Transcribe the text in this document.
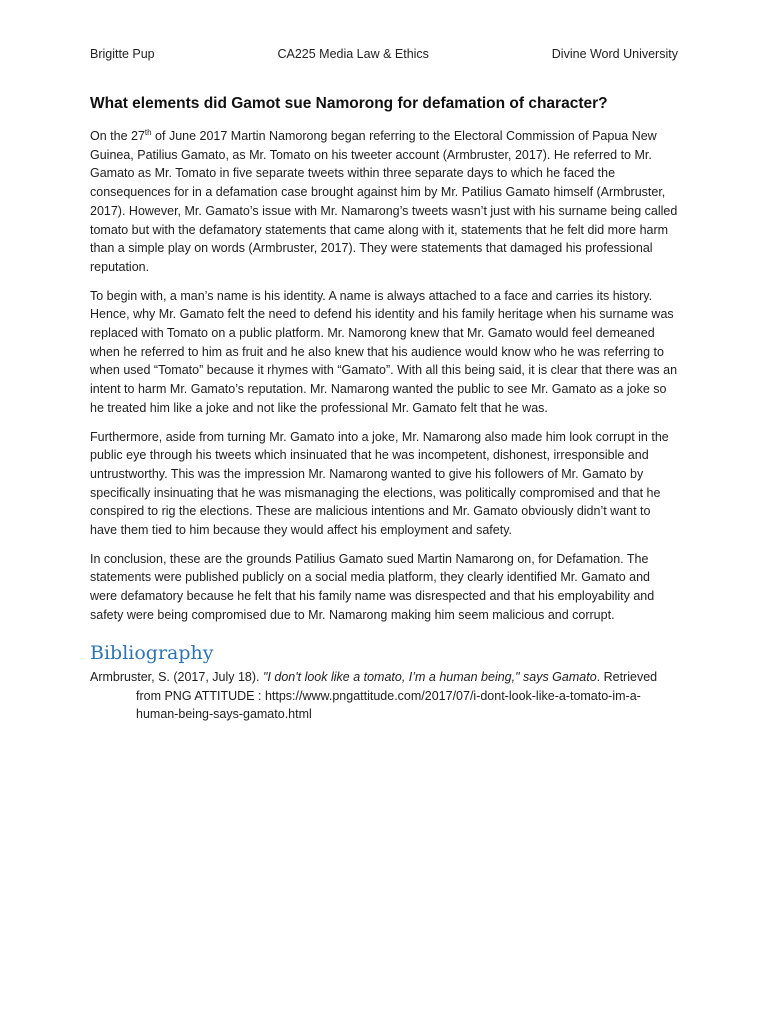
Brigitte Pup	CA225 Media Law & Ethics	Divine Word University
What elements did Gamot sue Namorong for defamation of character?

On the 27th of June 2017 Martin Namorong began referring to the Electoral Commission of Papua New Guinea, Patilius Gamato, as Mr. Tomato on his tweeter account (Armbruster, 2017). He referred to Mr. Gamato as Mr. Tomato in five separate tweets within three separate days to which he faced the consequences for in a defamation case brought against him by Mr. Patilius Gamato himself (Armbruster, 2017). However, Mr. Gamato’s issue with Mr. Namarong’s tweets wasn’t just with his surname being called tomato but with the defamatory statements that came along with it, statements that he felt did more harm than a simple play on words (Armbruster, 2017). They were statements that damaged his professional reputation.

To begin with, a man’s name is his identity. A name is always attached to a face and carries its history. Hence, why Mr. Gamato felt the need to defend his identity and his family heritage when his surname was replaced with Tomato on a public platform. Mr. Namorong knew that Mr. Gamato would feel demeaned when he referred to him as fruit and he also knew that his audience would know who he was referring to when used “Tomato” because it rhymes with “Gamato”. With all this being said, it is clear that there was an intent to harm Mr. Gamato’s reputation. Mr. Namarong wanted the public to see Mr. Gamato as a joke so he treated him like a joke and not like the professional Mr. Gamato felt that he was.

Furthermore, aside from turning Mr. Gamato into a joke, Mr. Namarong also made him look corrupt in the public eye through his tweets which insinuated that he was incompetent, dishonest, irresponsible and untrustworthy. This was the impression Mr. Namarong wanted to give his followers of Mr. Gamato by specifically insinuating that he was mismanaging the elections, was politically compromised and that he conspired to rig the elections. These are malicious intentions and Mr. Gamato obviously didn’t want to have them tied to him because they would affect his employment and safety.

In conclusion, these are the grounds Patilius Gamato sued Martin Namarong on, for Defamation. The statements were published publicly on a social media platform, they clearly identified Mr. Gamato and were defamatory because he felt that his family name was disrespected and that his employability and safety were being compromised due to Mr. Namarong making him seem malicious and corrupt.

Bibliography
Armbruster, S. (2017, July 18). "I don't look like a tomato, I’m a human being," says Gamato. Retrieved from PNG ATTITUDE : https://www.pngattitude.com/2017/07/i-dont-look-like-a-tomato-im-a-human-being-says-gamato.html
